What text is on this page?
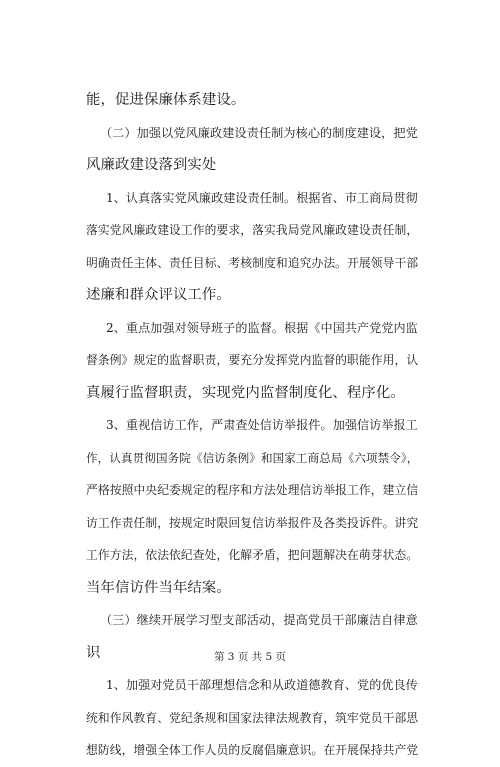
能，促进保廉体系建设。
（二）加强以党风廉政建设责任制为核心的制度建设，把党
风廉政建设落到实处
1、认真落实党风廉政建设责任制。根据省、市工商局贯彻
落实党风廉政建设工作的要求，落实我局党风廉政建设责任制，
明确责任主体、责任目标、考核制度和追究办法。开展领导干部
述廉和群众评议工作。
2、重点加强对领导班子的监督。根据《中国共产党党内监
督条例》规定的监督职责，要充分发挥党内监督的职能作用，认
真履行监督职责，实现党内监督制度化、程序化。
3、重视信访工作，严肃查处信访举报件。加强信访举报工
作，认真贯彻国务院《信访条例》和国家工商总局《六项禁令》，
严格按照中央纪委规定的程序和方法处理信访举报工作，建立信
访工作责任制，按规定时限回复信访举报件及各类投诉件。讲究
工作方法，依法依纪查处，化解矛盾，把问题解决在萌芽状态。
当年信访件当年结案。
（三）继续开展学习型支部活动，提高党员干部廉洁自律意
识
1、加强对党员干部理想信念和从政道德教育、党的优良传
统和作风教育、党纪条规和国家法律法规教育，筑牢党员干部思
想防线，增强全体工作人员的反腐倡廉意识。在开展保持共产党
第 3 页 共 5 页
